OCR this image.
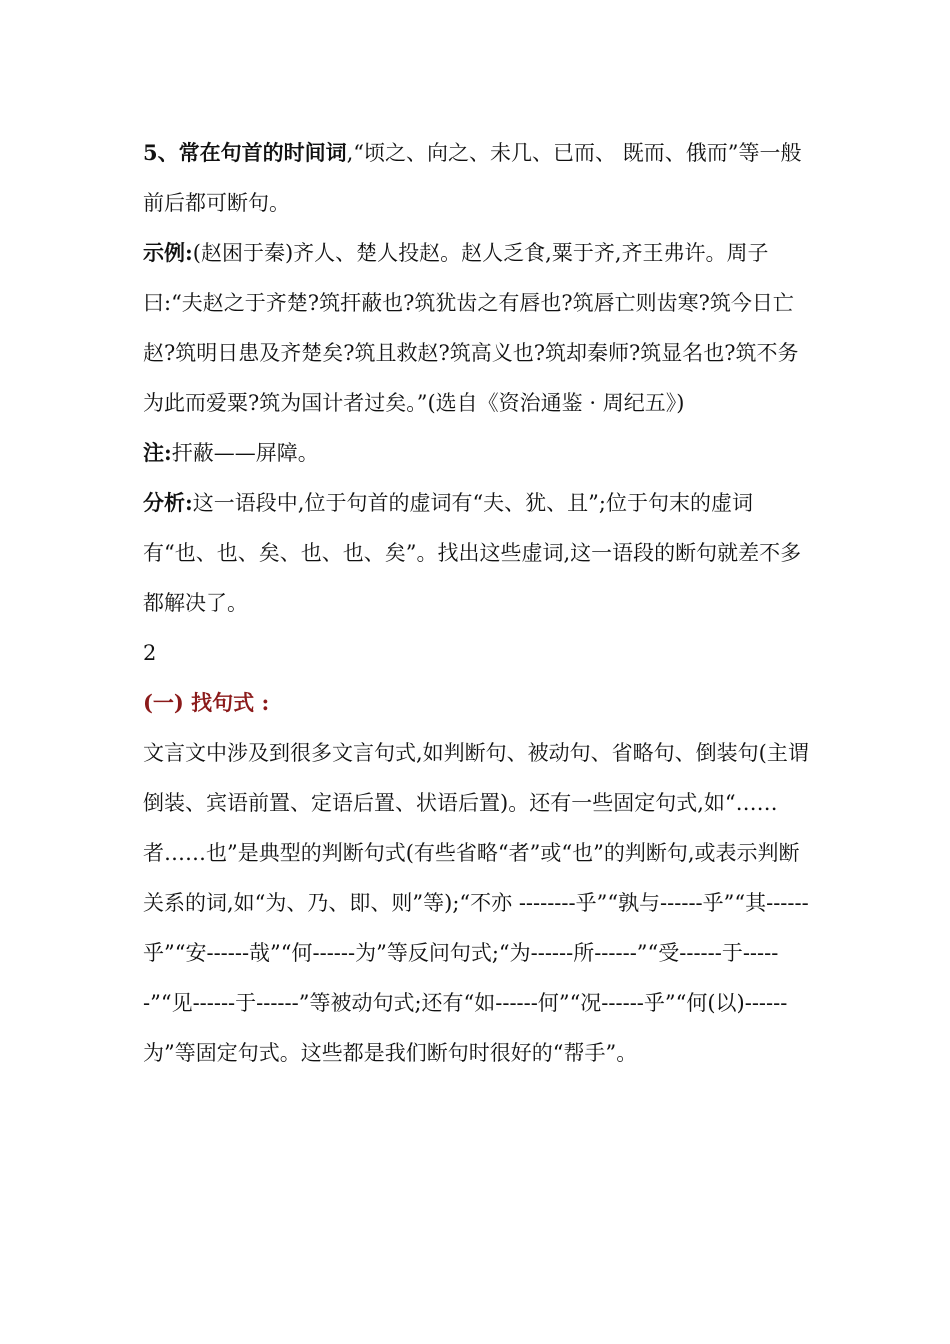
5、常在句首的时间词,“顷之、向之、未几、已而、 既而、俄而”等一般前后都可断句。

示例:(赵困于秦)齐人、楚人投赵。赵人乏食,粟于齐,齐王弗许。周子曰:“夫赵之于齐楚?筑扞蔽也?筑犹齿之有唇也?筑唇亡则齿寒?筑今日亡赵?筑明日患及齐楚矣?筑且救赵?筑高义也?筑却秦师?筑显名也?筑不务为此而爱粟?筑为国计者过矣。”(选自《资治通鉴 · 周纪五》)

注:扞蔽——屏障。

分析:这一语段中,位于句首的虚词有“夫、犹、且”;位于句末的虚词有“也、也、矣、也、也、矣”。找出这些虚词,这一语段的断句就差不多都解决了。

2

(一) 找句式 :

文言文中涉及到很多文言句式,如判断句、被动句、省略句、倒装句(主谓倒装、宾语前置、定语后置、状语后置)。还有一些固定句式,如“……者……也”是典型的判断句式(有些省略“者”或“也”的判断句,或表示判断关系的词,如“为、乃、即、则”等);“不亦 --------乎”“孰与------乎”“其------乎”“安------哉”“何------为”等反问句式;“为------所------”“受------于------”“见------于------”等被动句式;还有“如------何”“况------乎”“何(以)------为”等固定句式。这些都是我们断句时很好的“帮手”。
